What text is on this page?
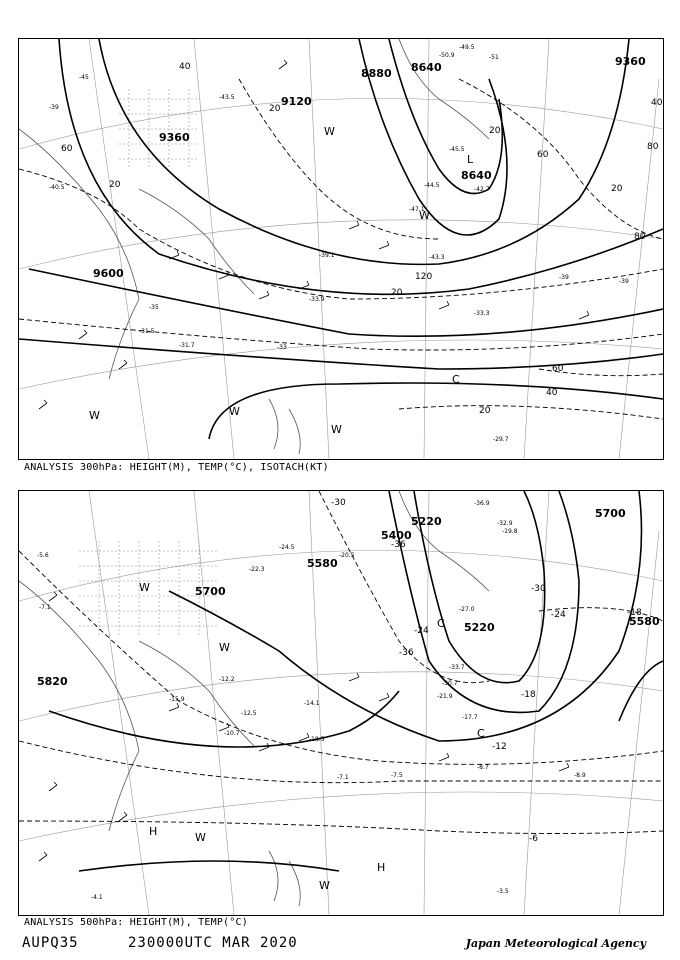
8640
9360
8880
9120
9360
8640
9600
40
60	80
20
20
40
60
80
20
20
60
40
20
120
20
L
W
W	W
W
C
W
-49.5
-51
-45
-43.5
-39
-33.3
-31.5
-33
-29.7
-39
-39
-42.7
-44.5
-50.9
-47.1
-39.1
-33.9
-31.7
-35
-43.3
-45.5
-40.5
ANALYSIS 300hPa: HEIGHT(M), TEMP(°C), ISOTACH(KT)
5700
5220
5700
5580
5820
5580
5400
5220
-30
-36
-30
-24	-18
-12
-6
-24
-18
-36
W
C
H	W
H
W
W
C
-36.9
-32.9
-24.5
-33.7
-19.8
-30.7
-21.9
-17.7
-12.5
-14.1
-12.2
-10.7
-8.7
-8.9
-7.5
-7.1
-5.6
-3.5
-4.1
-7.1
-18.5
-15.9
-22.3
-27.0
-20.5
ANALYSIS 500hPa: HEIGHT(M), TEMP(°C)
AUPQ35	230000UTC MAR 2020	Japan Meteorological Agency
